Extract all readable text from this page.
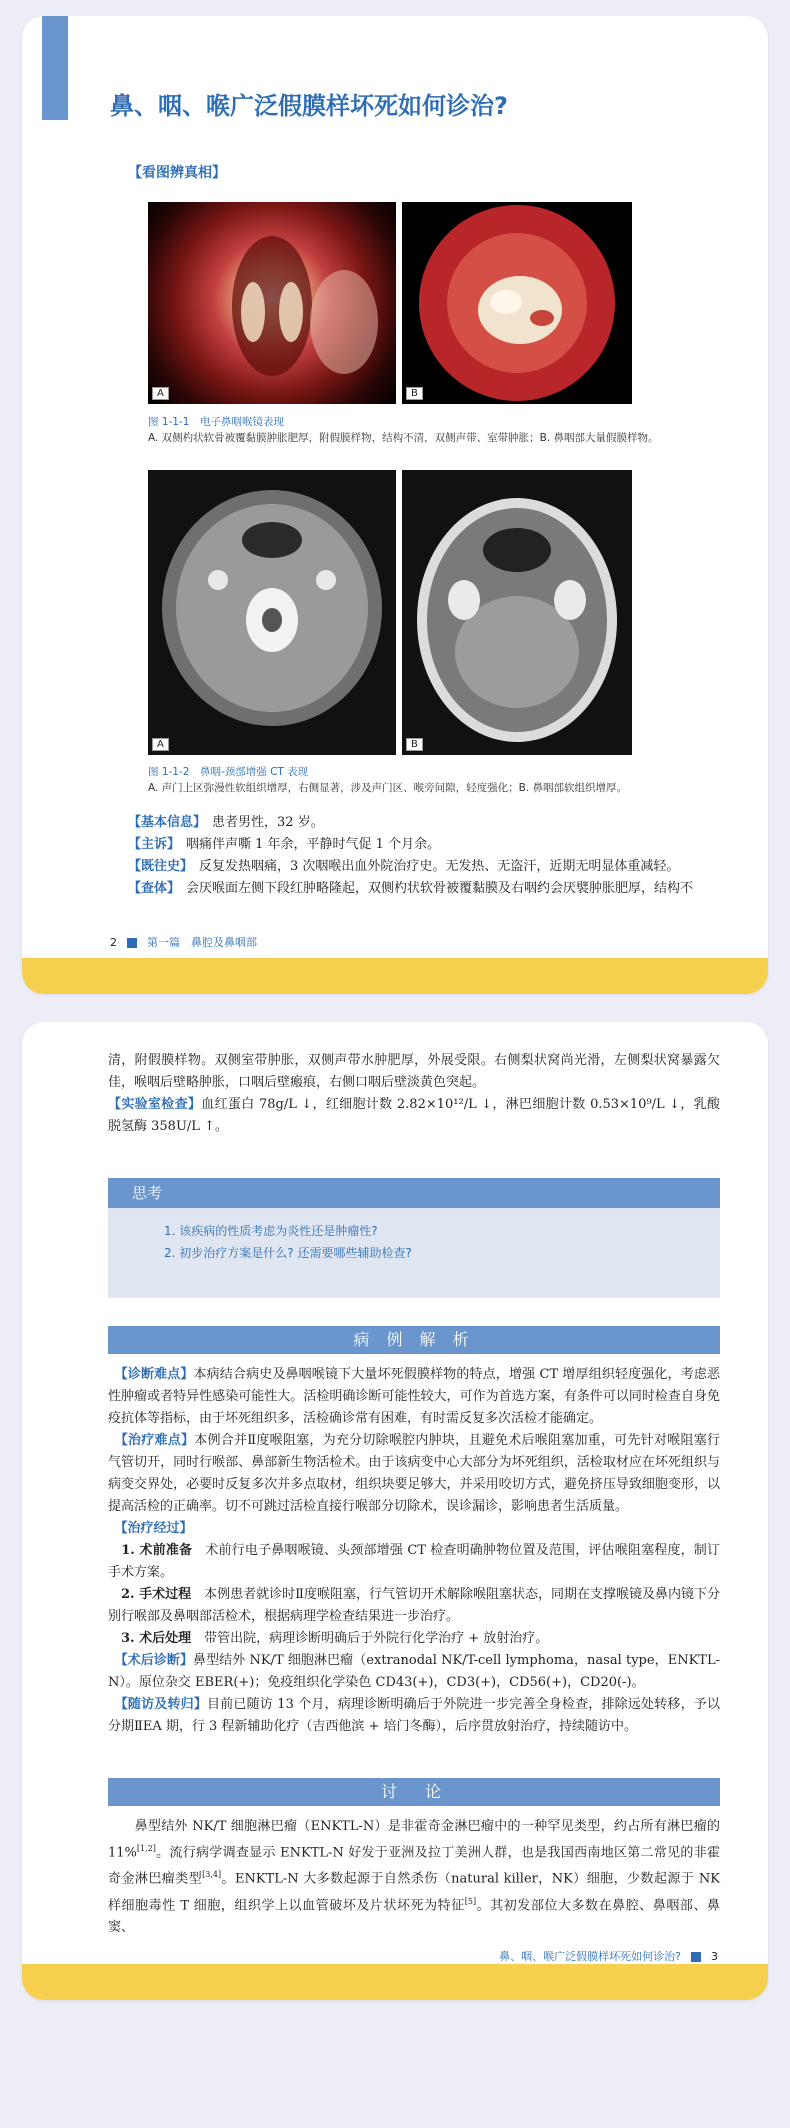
鼻、咽、喉广泛假膜样坏死如何诊治?
【看图辨真相】
A	B
图 1-1-1　电子鼻咽喉镜表现
A. 双侧杓状软骨被覆黏膜肿胀肥厚，附假膜样物，结构不清，双侧声带、室带肿胀；B. 鼻咽部大量假膜样物。
A	B
图 1-1-2　鼻咽-颈部增强 CT 表现
A. 声门上区弥漫性软组织增厚，右侧显著，涉及声门区、喉旁间隙，轻度强化；B. 鼻咽部软组织增厚。
【基本信息】 患者男性，32 岁。
【主诉】 咽痛伴声嘶 1 年余，平静时气促 1 个月余。
【既往史】 反复发热咽痛，3 次咽喉出血外院治疗史。无发热、无盗汗，近期无明显体重减轻。
【查体】 会厌喉面左侧下段红肿略隆起，双侧杓状软骨被覆黏膜及右咽约会厌襞肿胀肥厚，结构不
2	第一篇　鼻腔及鼻咽部

清，附假膜样物。双侧室带肿胀，双侧声带水肿肥厚，外展受限。右侧梨状窝尚光滑，左侧梨状窝暴露欠佳，喉咽后壁略肿胀，口咽后壁瘢痕，右侧口咽后壁淡黄色突起。

【实验室检查】血红蛋白 78g/L ↓，红细胞计数 2.82×10¹²/L ↓，淋巴细胞计数 0.53×10⁹/L ↓，乳酸脱氢酶 358U/L ↑。

思考
1. 该疾病的性质考虑为炎性还是肿瘤性?
2. 初步治疗方案是什么? 还需要哪些辅助检查?
病 例 解 析

　【诊断难点】本病结合病史及鼻咽喉镜下大量坏死假膜样物的特点，增强 CT 增厚组织轻度强化，考虑恶性肿瘤或者特异性感染可能性大。活检明确诊断可能性较大，可作为首选方案，有条件可以同时检查自身免疫抗体等指标，由于坏死组织多，活检确诊常有困难，有时需反复多次活检才能确定。

　【治疗难点】本例合并Ⅱ度喉阻塞，为充分切除喉腔内肿块，且避免术后喉阻塞加重，可先针对喉阻塞行气管切开，同时行喉部、鼻部新生物活检术。由于该病变中心大部分为坏死组织，活检取材应在坏死组织与病变交界处，必要时反复多次并多点取材，组织块要足够大，并采用咬切方式，避免挤压导致细胞变形，以提高活检的正确率。切不可跳过活检直接行喉部分切除术，误诊漏诊，影响患者生活质量。

　【治疗经过】

　1. 术前准备　 术前行电子鼻咽喉镜、头颈部增强 CT 检查明确肿物位置及范围，评估喉阻塞程度，制订手术方案。

　2. 手术过程　 本例患者就诊时Ⅱ度喉阻塞，行气管切开术解除喉阻塞状态，同期在支撑喉镜及鼻内镜下分别行喉部及鼻咽部活检术，根据病理学检查结果进一步治疗。

　3. 术后处理　 带管出院，病理诊断明确后于外院行化学治疗 + 放射治疗。

　【术后诊断】鼻型结外 NK/T 细胞淋巴瘤（extranodal NK/T-cell lymphoma，nasal type，ENKTL-N）。原位杂交 EBER(+)；免疫组织化学染色 CD43(+)，CD3(+)，CD56(+)，CD20(-)。

　【随访及转归】目前已随访 13 个月，病理诊断明确后于外院进一步完善全身检查，排除远处转移，予以分期ⅡEA 期，行 3 程新辅助化疗（吉西他滨 + 培门冬酶），后序贯放射治疗，持续随访中。

讨　论

　　鼻型结外 NK/T 细胞淋巴瘤（ENKTL-N）是非霍奇金淋巴瘤中的一种罕见类型，约占所有淋巴瘤的 11%[1,2]。流行病学调查显示 ENKTL-N 好发于亚洲及拉丁美洲人群，也是我国西南地区第二常见的非霍奇金淋巴瘤类型[3,4]。ENKTL-N 大多数起源于自然杀伤（natural killer，NK）细胞，少数起源于 NK 样细胞毒性 T 细胞，组织学上以血管破坏及片状坏死为特征[5]。其初发部位大多数在鼻腔、鼻咽部、鼻窦、

鼻、咽、喉广泛假膜样坏死如何诊治?	3
